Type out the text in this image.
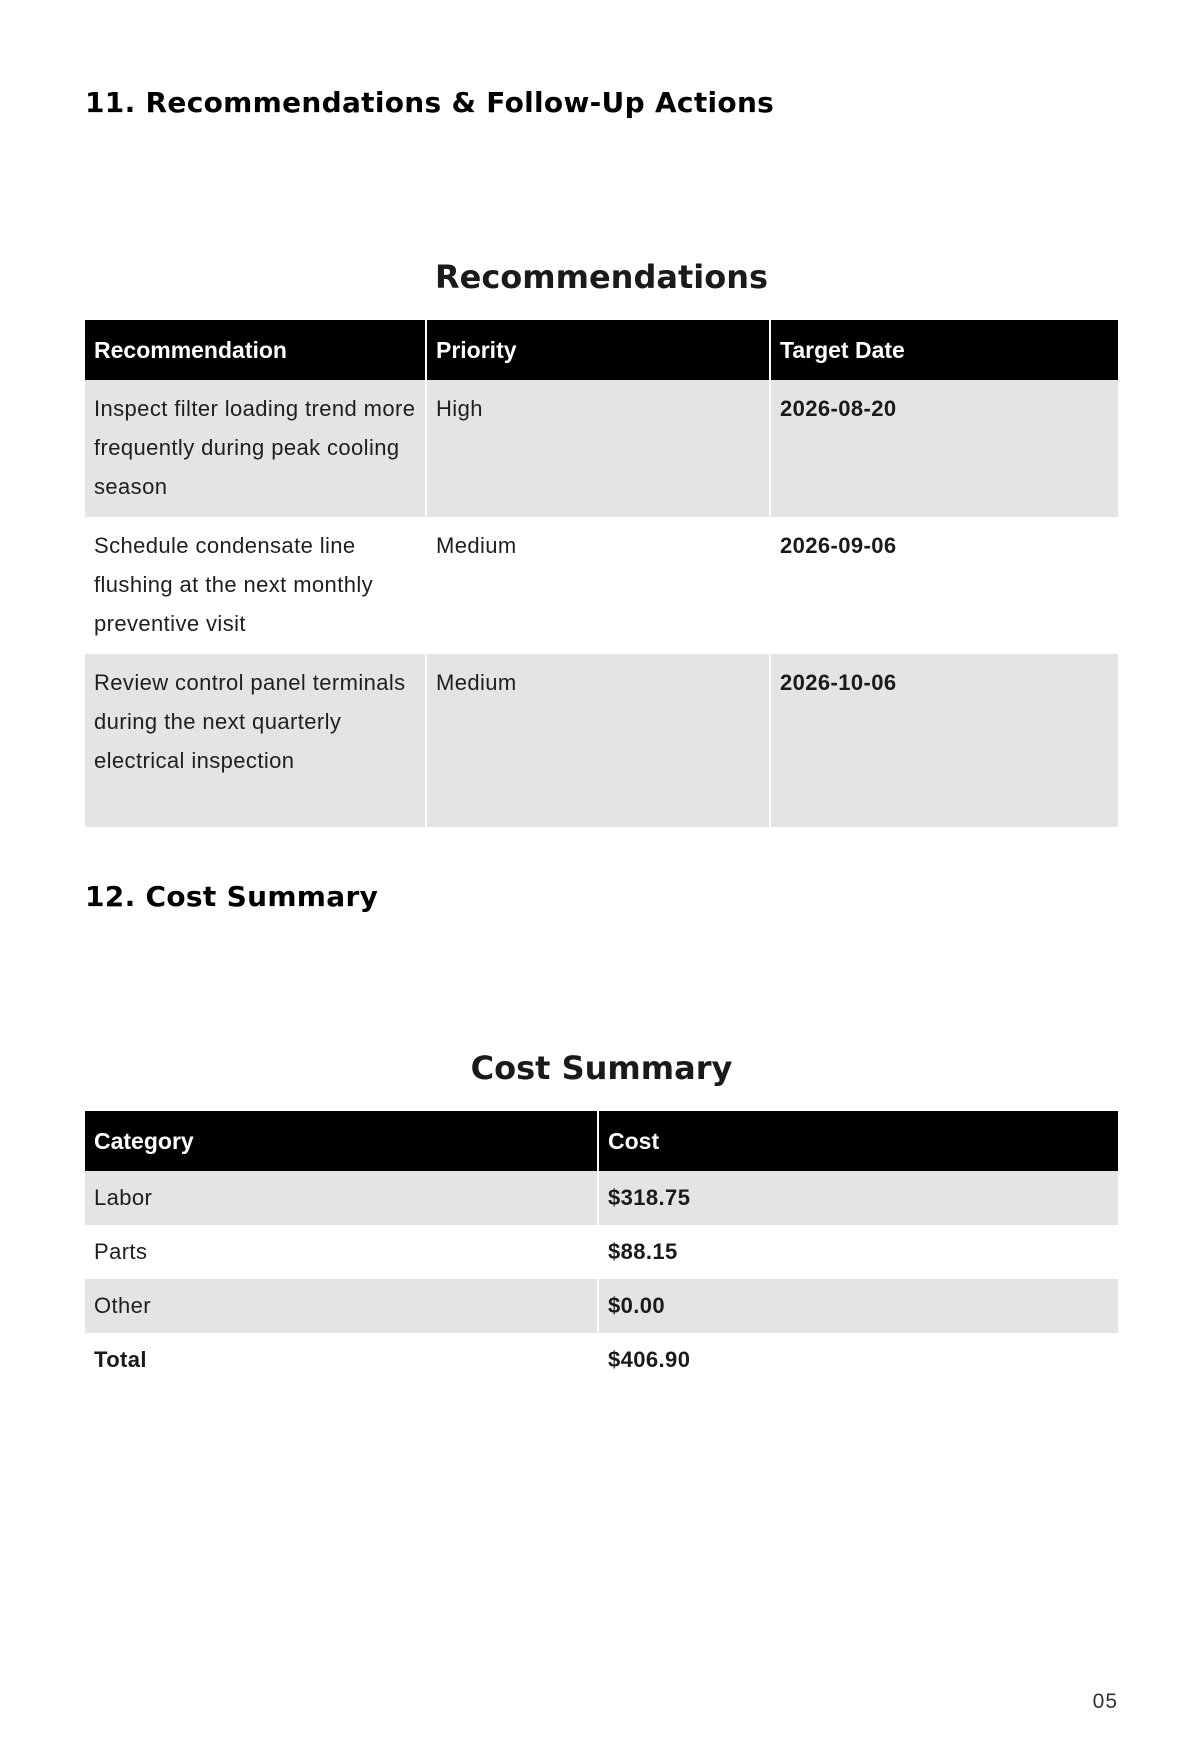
11. Recommendations & Follow-Up Actions
Recommendations
Recommendation	Priority	Target Date
Inspect filter loading trend more frequently during peak cooling season	High	2026-08-20
Schedule condensate line flushing at the next monthly preventive visit	Medium	2026-09-06
Review control panel terminals during the next quarterly electrical inspection	Medium	2026-10-06
12. Cost Summary
Cost Summary
Category	Cost
Labor	$318.75
Parts	$88.15
Other	$0.00
Total	$406.90
05
